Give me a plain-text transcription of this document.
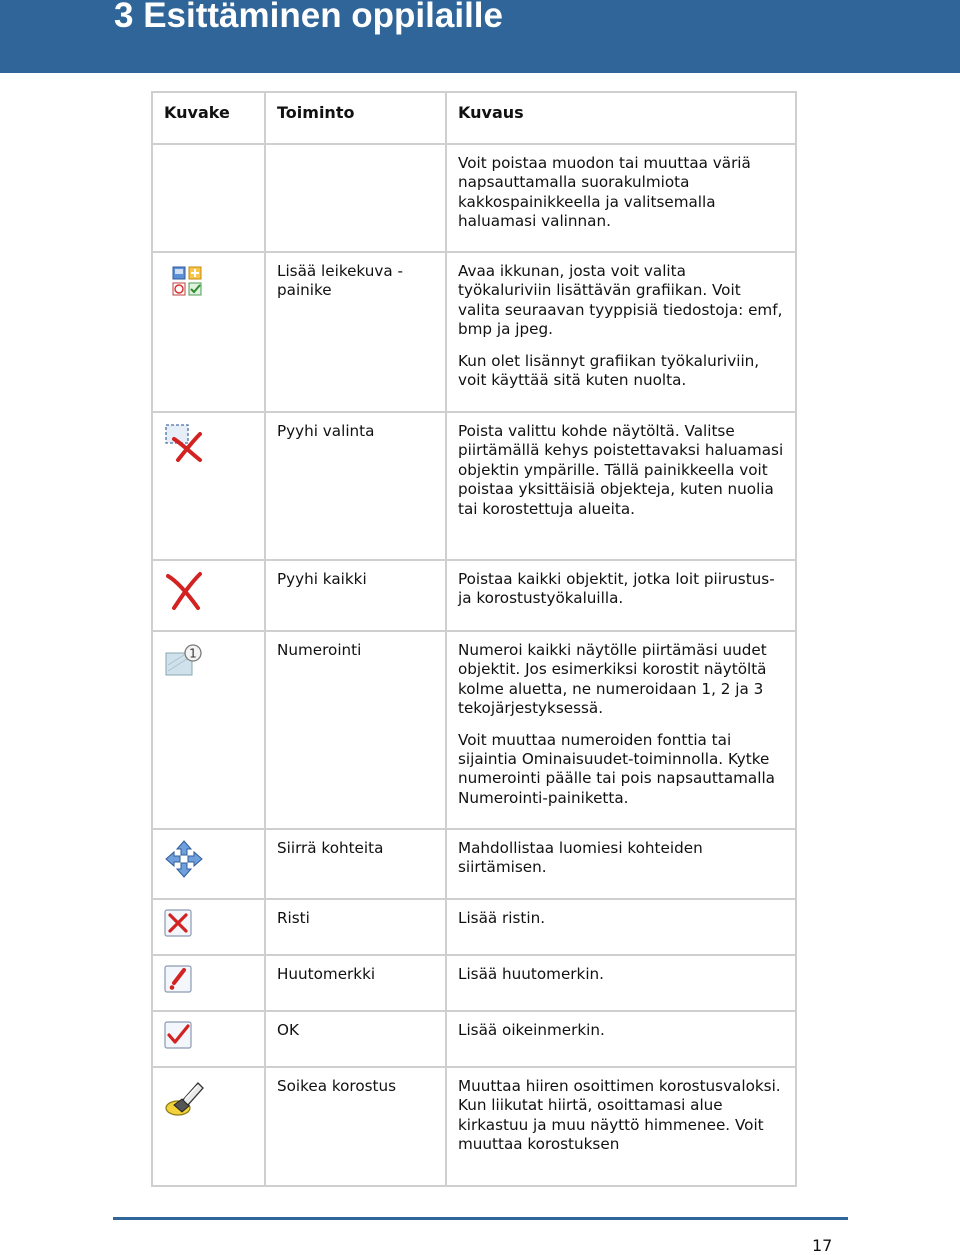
3 Esittäminen oppilaille
Kuvake	Toiminto	Kuvaus

		Voit poistaa muodon tai muuttaa väriä napsauttamalla suorakulmiota kakkospainikkeella ja valitsemalla haluamasi valinnan.

	Lisää leikekuva -painike	Avaa ikkunan, josta voit valita työkaluriviin lisättävän grafiikan. Voit valita seuraavan tyyppisiä tiedostoja: emf, bmp ja jpeg.

Kun olet lisännyt grafiikan työkaluriviin, voit käyttää sitä kuten nuolta.

	Pyyhi valinta	Poista valittu kohde näytöltä. Valitse piirtämällä kehys poistettavaksi haluamasi objektin ympärille. Tällä painikkeella voit poistaa yksittäisiä objekteja, kuten nuolia tai korostettuja alueita.

	Pyyhi kaikki	Poistaa kaikki objektit, jotka loit piirustus- ja korostustyökaluilla.

1	Numerointi	Numeroi kaikki näytölle piirtämäsi uudet objektit. Jos esimerkiksi korostit näytöltä kolme aluetta, ne numeroidaan 1, 2 ja 3 tekojärjestyksessä.

Voit muuttaa numeroiden fonttia tai sijaintia Ominaisuudet-toiminnolla. Kytke numerointi päälle tai pois napsauttamalla Numerointi-painiketta.

	Siirrä kohteita	Mahdollistaa luomiesi kohteiden siirtämisen.

	Risti	Lisää ristin.

	Huutomerkki	Lisää huutomerkin.

	OK	Lisää oikeinmerkin.

	Soikea korostus	Muuttaa hiiren osoittimen korostusvaloksi. Kun liikutat hiirtä, osoittamasi alue kirkastuu ja muu näyttö himmenee. Voit muuttaa korostuksen

17
